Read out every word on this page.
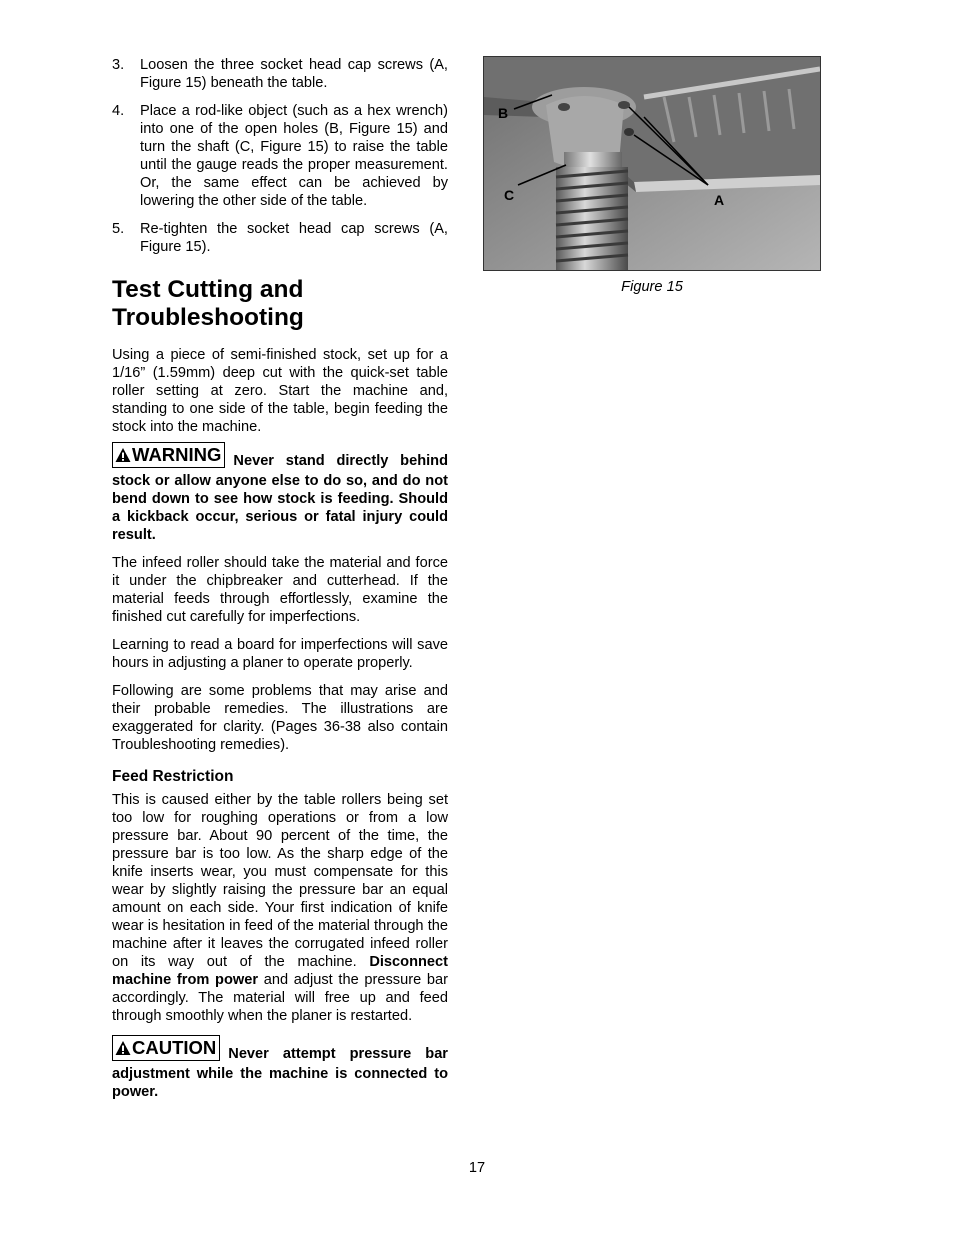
3. Loosen the three socket head cap screws (A, Figure 15) beneath the table.
4. Place a rod-like object (such as a hex wrench) into one of the open holes (B, Figure 15) and turn the shaft (C, Figure 15) to raise the table until the gauge reads the proper measurement. Or, the same effect can be achieved by lowering the other side of the table.
5. Re-tighten the socket head cap screws (A, Figure 15).
Test Cutting and
Troubleshooting

Using a piece of semi-finished stock, set up for a 1/16” (1.59mm) deep cut with the quick-set table roller setting at zero. Start the machine and, standing to one side of the table, begin feeding the stock into the machine.

WARNING Never stand directly behind stock or allow anyone else to do so, and do not bend down to see how stock is feeding. Should a kickback occur, serious or fatal injury could result.

The infeed roller should take the material and force it under the chipbreaker and cutterhead. If the material feeds through effortlessly, examine the finished cut carefully for imperfections.

Learning to read a board for imperfections will save hours in adjusting a planer to operate properly.

Following are some problems that may arise and their probable remedies. The illustrations are exaggerated for clarity. (Pages 36-38 also contain Troubleshooting remedies).

Feed Restriction

This is caused either by the table rollers being set too low for roughing operations or from a low pressure bar. About 90 percent of the time, the pressure bar is too low. As the sharp edge of the knife inserts wear, you must compensate for this wear by slightly raising the pressure bar an equal amount on each side. Your first indication of knife wear is hesitation in feed of the material through the machine after it leaves the corrugated infeed roller on its way out of the machine. Disconnect machine from power and adjust the pressure bar accordingly. The material will free up and feed through smoothly when the planer is restarted.

CAUTION Never attempt pressure bar adjustment while the machine is connected to power.
B
C	A
Figure 15
17
